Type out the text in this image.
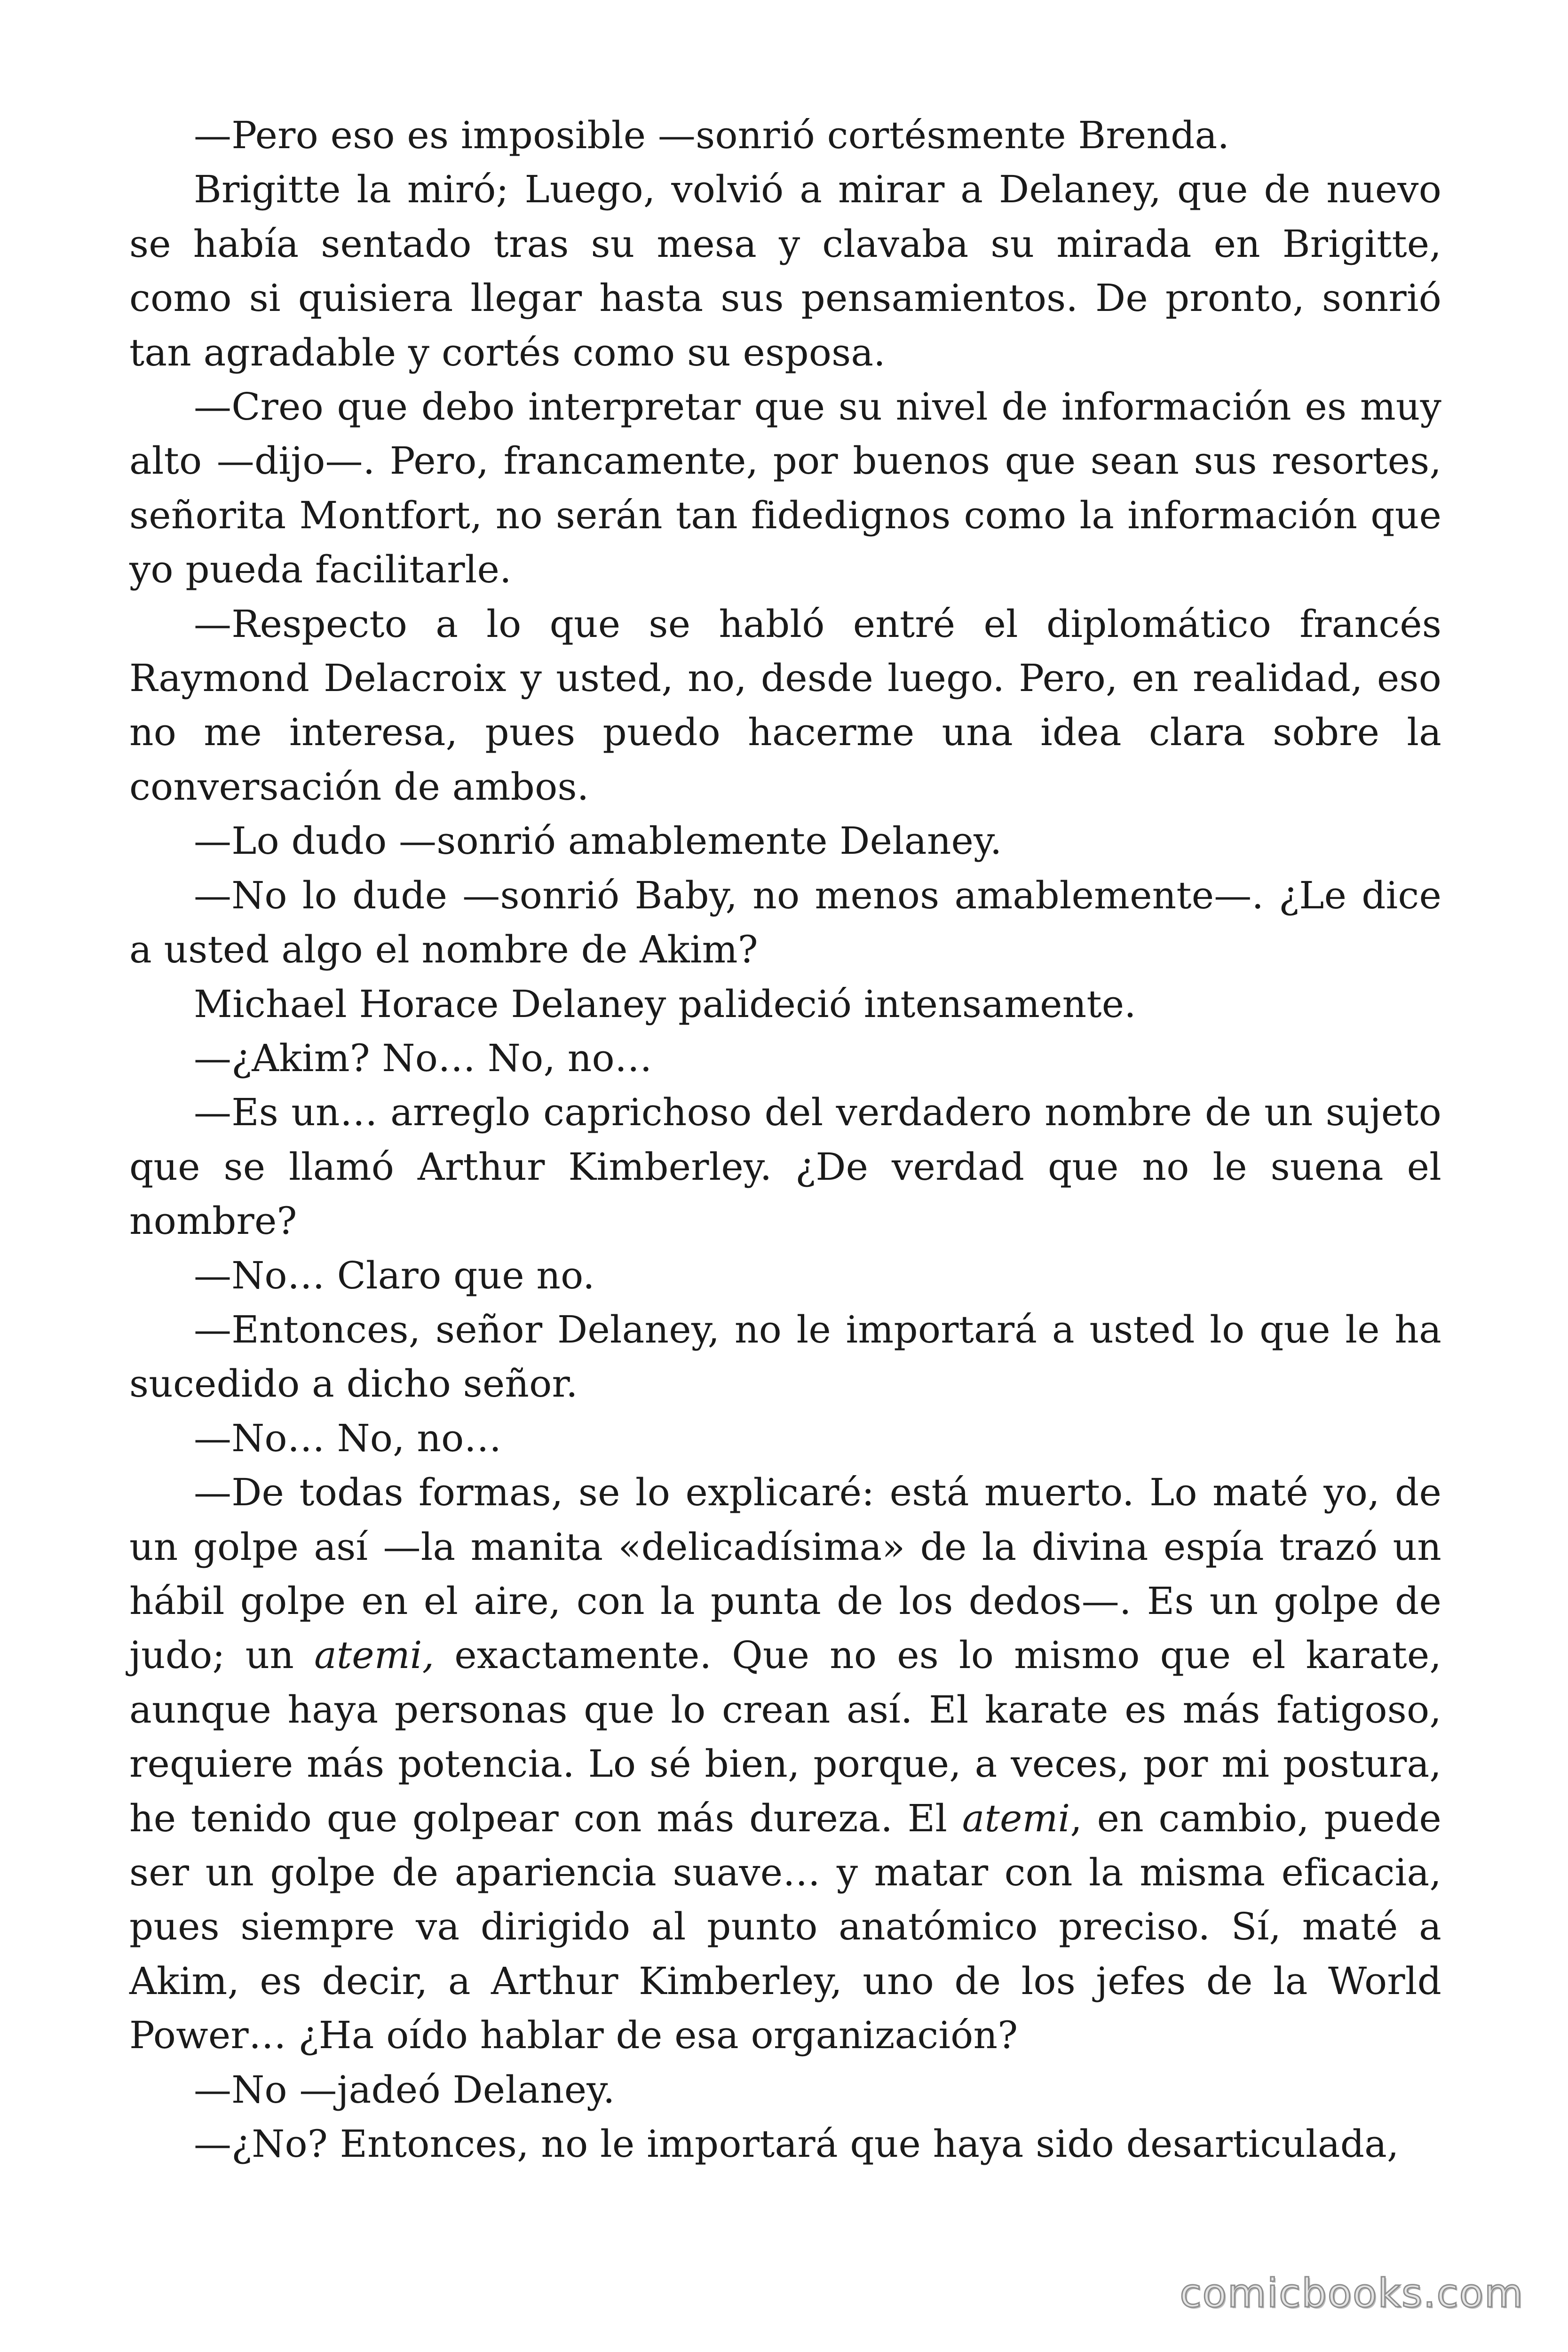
—Pero eso es imposible —sonrió cortésmente Brenda.

Brigitte la miró; Luego, volvió a mirar a Delaney, que de nuevo se había sentado tras su mesa y clavaba su mirada en Brigitte, como si quisiera llegar hasta sus pensamientos. De pronto, sonrió tan agradable y cortés como su esposa.

—Creo que debo interpretar que su nivel de información es muy alto —dijo—. Pero, francamente, por buenos que sean sus resortes, señorita Montfort, no serán tan fidedignos como la información que yo pueda facilitarle.

—Respecto a lo que se habló entré el diplomático francés Raymond Delacroix y usted, no, desde luego. Pero, en realidad, eso no me interesa, pues puedo hacerme una idea clara sobre la conversación de ambos.

—Lo dudo —sonrió amablemente Delaney.

—No lo dude —sonrió Baby, no menos amablemente—. ¿Le dice a usted algo el nombre de Akim?

Michael Horace Delaney palideció intensamente.

—¿Akim? No… No, no…

—Es un… arreglo caprichoso del verdadero nombre de un sujeto que se llamó Arthur Kimberley. ¿De verdad que no le suena el nombre?

—No… Claro que no.

—Entonces, señor Delaney, no le importará a usted lo que le ha sucedido a dicho señor.

—No… No, no…

—De todas formas, se lo explicaré: está muerto. Lo maté yo, de un golpe así —la manita «delicadísima» de la divina espía trazó un hábil golpe en el aire, con la punta de los dedos—. Es un golpe de judo; un atemi, exactamente. Que no es lo mismo que el karate, aunque haya personas que lo crean así. El karate es más fatigoso, requiere más potencia. Lo sé bien, porque, a veces, por mi postura, he tenido que golpear con más dureza. El atemi, en cambio, puede ser un golpe de apariencia suave… y matar con la misma eficacia, pues siempre va dirigido al punto anatómico preciso. Sí, maté a Akim, es decir, a Arthur Kimberley, uno de los jefes de la World Power… ¿Ha oído hablar de esa organización?

—No —jadeó Delaney.

—¿No? Entonces, no le importará que haya sido desarticulada,

comicbooks.com
